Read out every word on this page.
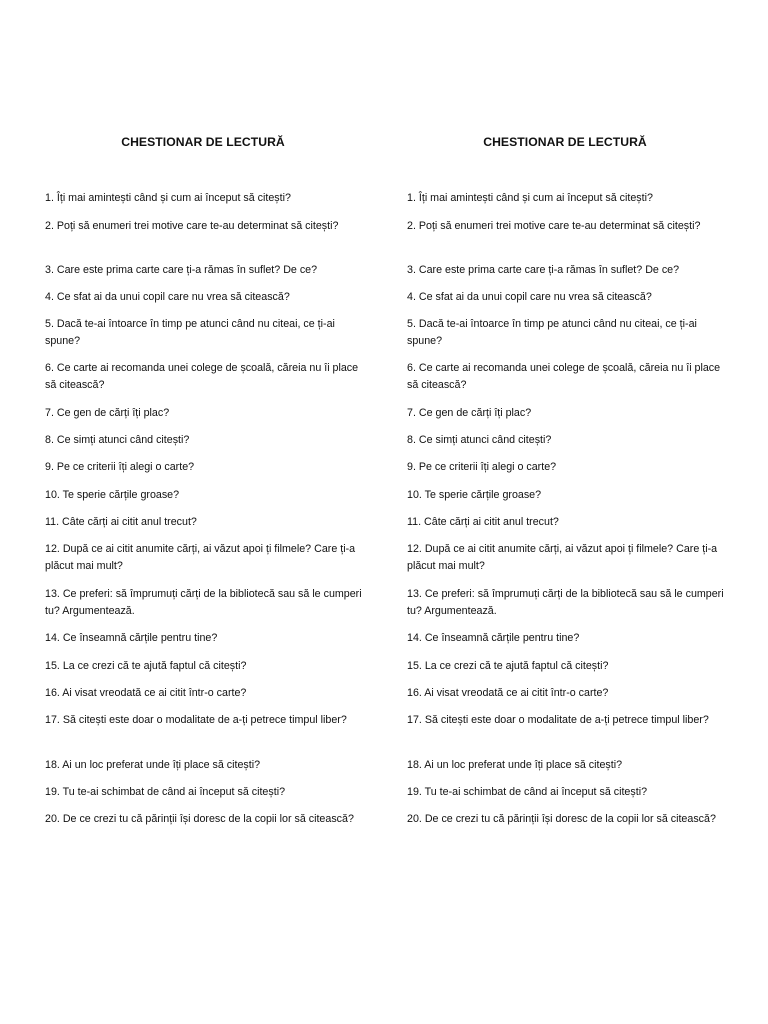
CHESTIONAR DE LECTURĂ
1. Îți mai amintești când și cum ai început să citești?
2. Poți să enumeri trei motive care te-au determinat să citești?
3. Care este prima carte care ți-a rămas în suflet? De ce?
4. Ce sfat ai da unui copil care nu vrea să citească?
5. Dacă te-ai întoarce în timp pe atunci când nu citeai, ce ți-ai spune?
6. Ce carte ai recomanda unei colege de școală, căreia nu îi place să citească?
7. Ce gen de cărți îți plac?
8. Ce simți atunci când citești?
9. Pe ce criterii îți alegi o carte?
10. Te sperie cărțile groase?
11. Câte cărți ai citit anul trecut?
12. După ce ai citit anumite cărți, ai văzut apoi ți filmele? Care ți-a plăcut mai mult?
13. Ce preferi: să împrumuți cărți de la bibliotecă sau să le cumperi tu? Argumentează.
14. Ce înseamnă cărțile pentru tine?
15. La ce crezi că te ajută faptul că citești?
16. Ai visat vreodată ce ai citit într-o carte?
17. Să citești este doar o modalitate de a-ți petrece timpul liber?
18. Ai un loc preferat unde îți place să citești?
19. Tu te-ai schimbat de când ai început să citești?
20. De ce crezi tu că părinții își doresc de la copii lor să citească?
CHESTIONAR DE LECTURĂ
1. Îți mai amintești când și cum ai început să citești?
2. Poți să enumeri trei motive care te-au determinat să citești?
3. Care este prima carte care ți-a rămas în suflet? De ce?
4. Ce sfat ai da unui copil care nu vrea să citească?
5. Dacă te-ai întoarce în timp pe atunci când nu citeai, ce ți-ai spune?
6. Ce carte ai recomanda unei colege de școală, căreia nu îi place să citească?
7. Ce gen de cărți îți plac?
8. Ce simți atunci când citești?
9. Pe ce criterii îți alegi o carte?
10. Te sperie cărțile groase?
11. Câte cărți ai citit anul trecut?
12. După ce ai citit anumite cărți, ai văzut apoi ți filmele? Care ți-a plăcut mai mult?
13. Ce preferi: să împrumuți cărți de la bibliotecă sau să le cumperi tu? Argumentează.
14. Ce înseamnă cărțile pentru tine?
15. La ce crezi că te ajută faptul că citești?
16. Ai visat vreodată ce ai citit într-o carte?
17. Să citești este doar o modalitate de a-ți petrece timpul liber?
18. Ai un loc preferat unde îți place să citești?
19. Tu te-ai schimbat de când ai început să citești?
20. De ce crezi tu că părinții își doresc de la copii lor să citească?
